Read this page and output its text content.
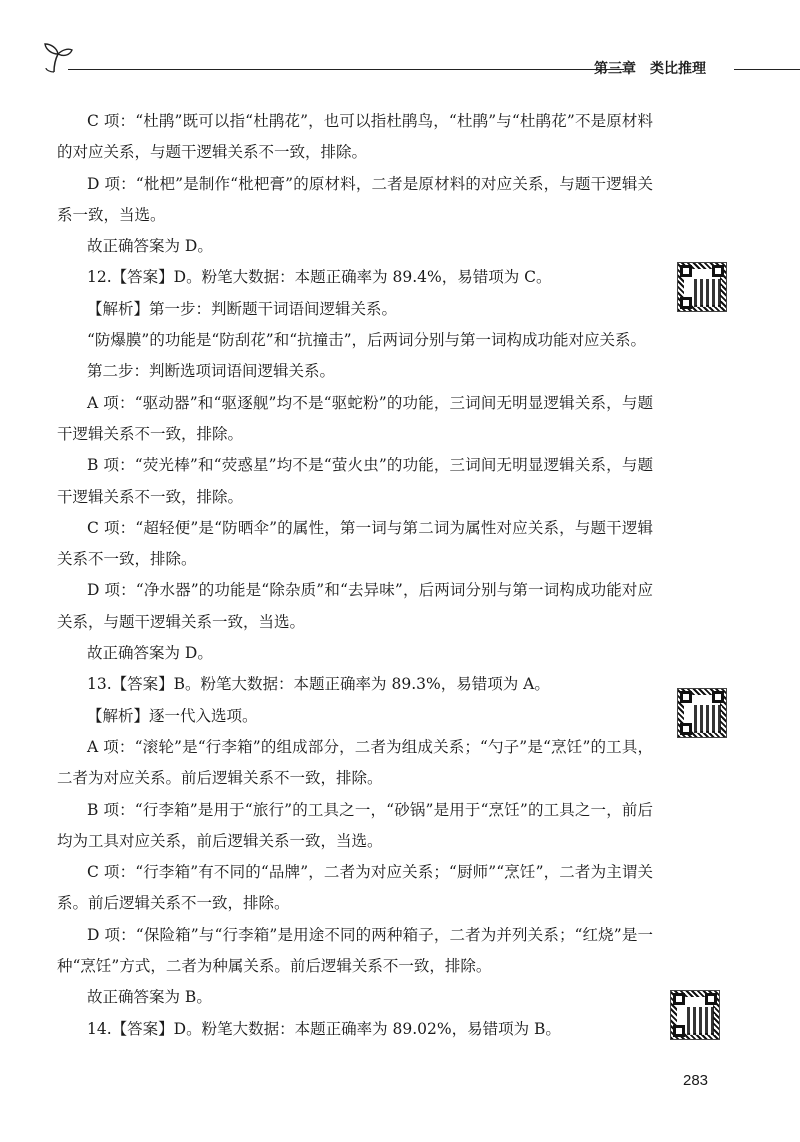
第三章 类比推理

C 项：“杜鹃”既可以指“杜鹃花”，也可以指杜鹃鸟，“杜鹃”与“杜鹃花”不是原材料的对应关系，与题干逻辑关系不一致，排除。

D 项：“枇杷”是制作“枇杷膏”的原材料，二者是原材料的对应关系，与题干逻辑关系一致，当选。

故正确答案为 D。

12.【答案】D。粉笔大数据：本题正确率为 89.4%，易错项为 C。

【解析】第一步：判断题干词语间逻辑关系。

“防爆膜”的功能是“防刮花”和“抗撞击”，后两词分别与第一词构成功能对应关系。

第二步：判断选项词语间逻辑关系。

A 项：“驱动器”和“驱逐舰”均不是“驱蛇粉”的功能，三词间无明显逻辑关系，与题干逻辑关系不一致，排除。

B 项：“荧光棒”和“荧惑星”均不是“萤火虫”的功能，三词间无明显逻辑关系，与题干逻辑关系不一致，排除。

C 项：“超轻便”是“防晒伞”的属性，第一词与第二词为属性对应关系，与题干逻辑关系不一致，排除。

D 项：“净水器”的功能是“除杂质”和“去异味”，后两词分别与第一词构成功能对应关系，与题干逻辑关系一致，当选。

故正确答案为 D。

13.【答案】B。粉笔大数据：本题正确率为 89.3%，易错项为 A。

【解析】逐一代入选项。

A 项：“滚轮”是“行李箱”的组成部分，二者为组成关系；“勺子”是“烹饪”的工具，二者为对应关系。前后逻辑关系不一致，排除。

B 项：“行李箱”是用于“旅行”的工具之一，“砂锅”是用于“烹饪”的工具之一，前后均为工具对应关系，前后逻辑关系一致，当选。

C 项：“行李箱”有不同的“品牌”，二者为对应关系；“厨师”“烹饪”，二者为主谓关系。前后逻辑关系不一致，排除。

D 项：“保险箱”与“行李箱”是用途不同的两种箱子，二者为并列关系；“红烧”是一种“烹饪”方式，二者为种属关系。前后逻辑关系不一致，排除。

故正确答案为 B。

14.【答案】D。粉笔大数据：本题正确率为 89.02%，易错项为 B。

283
